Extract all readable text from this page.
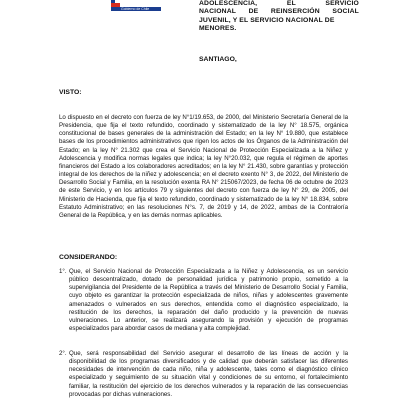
Gobierno de Chile
ADOLESCENCIA, EL SERVICIO
NACIONAL DE REINSERCIÓN SOCIAL
JUVENIL, Y EL SERVICIO NACIONAL DE MENORES.
SANTIAGO,
VISTO:

Lo dispuesto en el decreto con fuerza de ley N°1/19.653, de 2000, del Ministerio Secretaría General de la Presidencia, que fija el texto refundido, coordinado y sistematizado de la ley N° 18.575, orgánica constitucional de bases generales de la administración del Estado; en la ley N° 19.880, que establece bases de los procedimientos administrativos que rigen los actos de los Órganos de la Administración del Estado; en la ley N° 21.302 que crea el Servicio Nacional de Protección Especializada a la Niñez y Adolescencia y modifica normas legales que indica; la ley N°20.032, que regula el régimen de aportes financieros del Estado a los colaboradores acreditados; en la ley N° 21.430, sobre garantías y protección integral de los derechos de la niñez y adolescencia; en el decreto exento N° 3, de 2022, del Ministerio de Desarrollo Social y Familia, en la resolución exenta RA N° 215067/2023, de fecha 06 de octubre de 2023 de este Servicio, y en los artículos 79 y siguientes del decreto con fuerza de ley N° 29, de 2005, del Ministerio de Hacienda, que fija el texto refundido, coordinado y sistematizado de la ley N° 18.834, sobre Estatuto Administrativo; en las resoluciones N°s. 7, de 2019 y 14, de 2022, ambas de la Contraloría General de la República, y en las demás normas aplicables.

CONSIDERANDO:
1°. Que, el Servicio Nacional de Protección Especializada a la Niñez y Adolescencia, es un servicio público descentralizado, dotado de personalidad jurídica y patrimonio propio, sometido a la supervigilancia del Presidente de la República a través del Ministerio de Desarrollo Social y Familia, cuyo objeto es garantizar la protección especializada de niños, niñas y adolescentes gravemente amenazados o vulnerados en sus derechos, entendida como el diagnóstico especializado, la restitución de los derechos, la reparación del daño producido y la prevención de nuevas vulneraciones. Lo anterior, se realizará asegurando la provisión y ejecución de programas especializados para abordar casos de mediana y alta complejidad.

2°. Que, será responsabilidad del Servicio asegurar el desarrollo de las líneas de acción y la disponibilidad de los programas diversificados y de calidad que deberán satisfacer las diferentes necesidades de intervención de cada niño, niña y adolescente, tales como el diagnóstico clínico especializado y seguimiento de su situación vital y condiciones de su entorno, el fortalecimiento familiar, la restitución del ejercicio de los derechos vulnerados y la reparación de las consecuencias provocadas por dichas vulneraciones.
